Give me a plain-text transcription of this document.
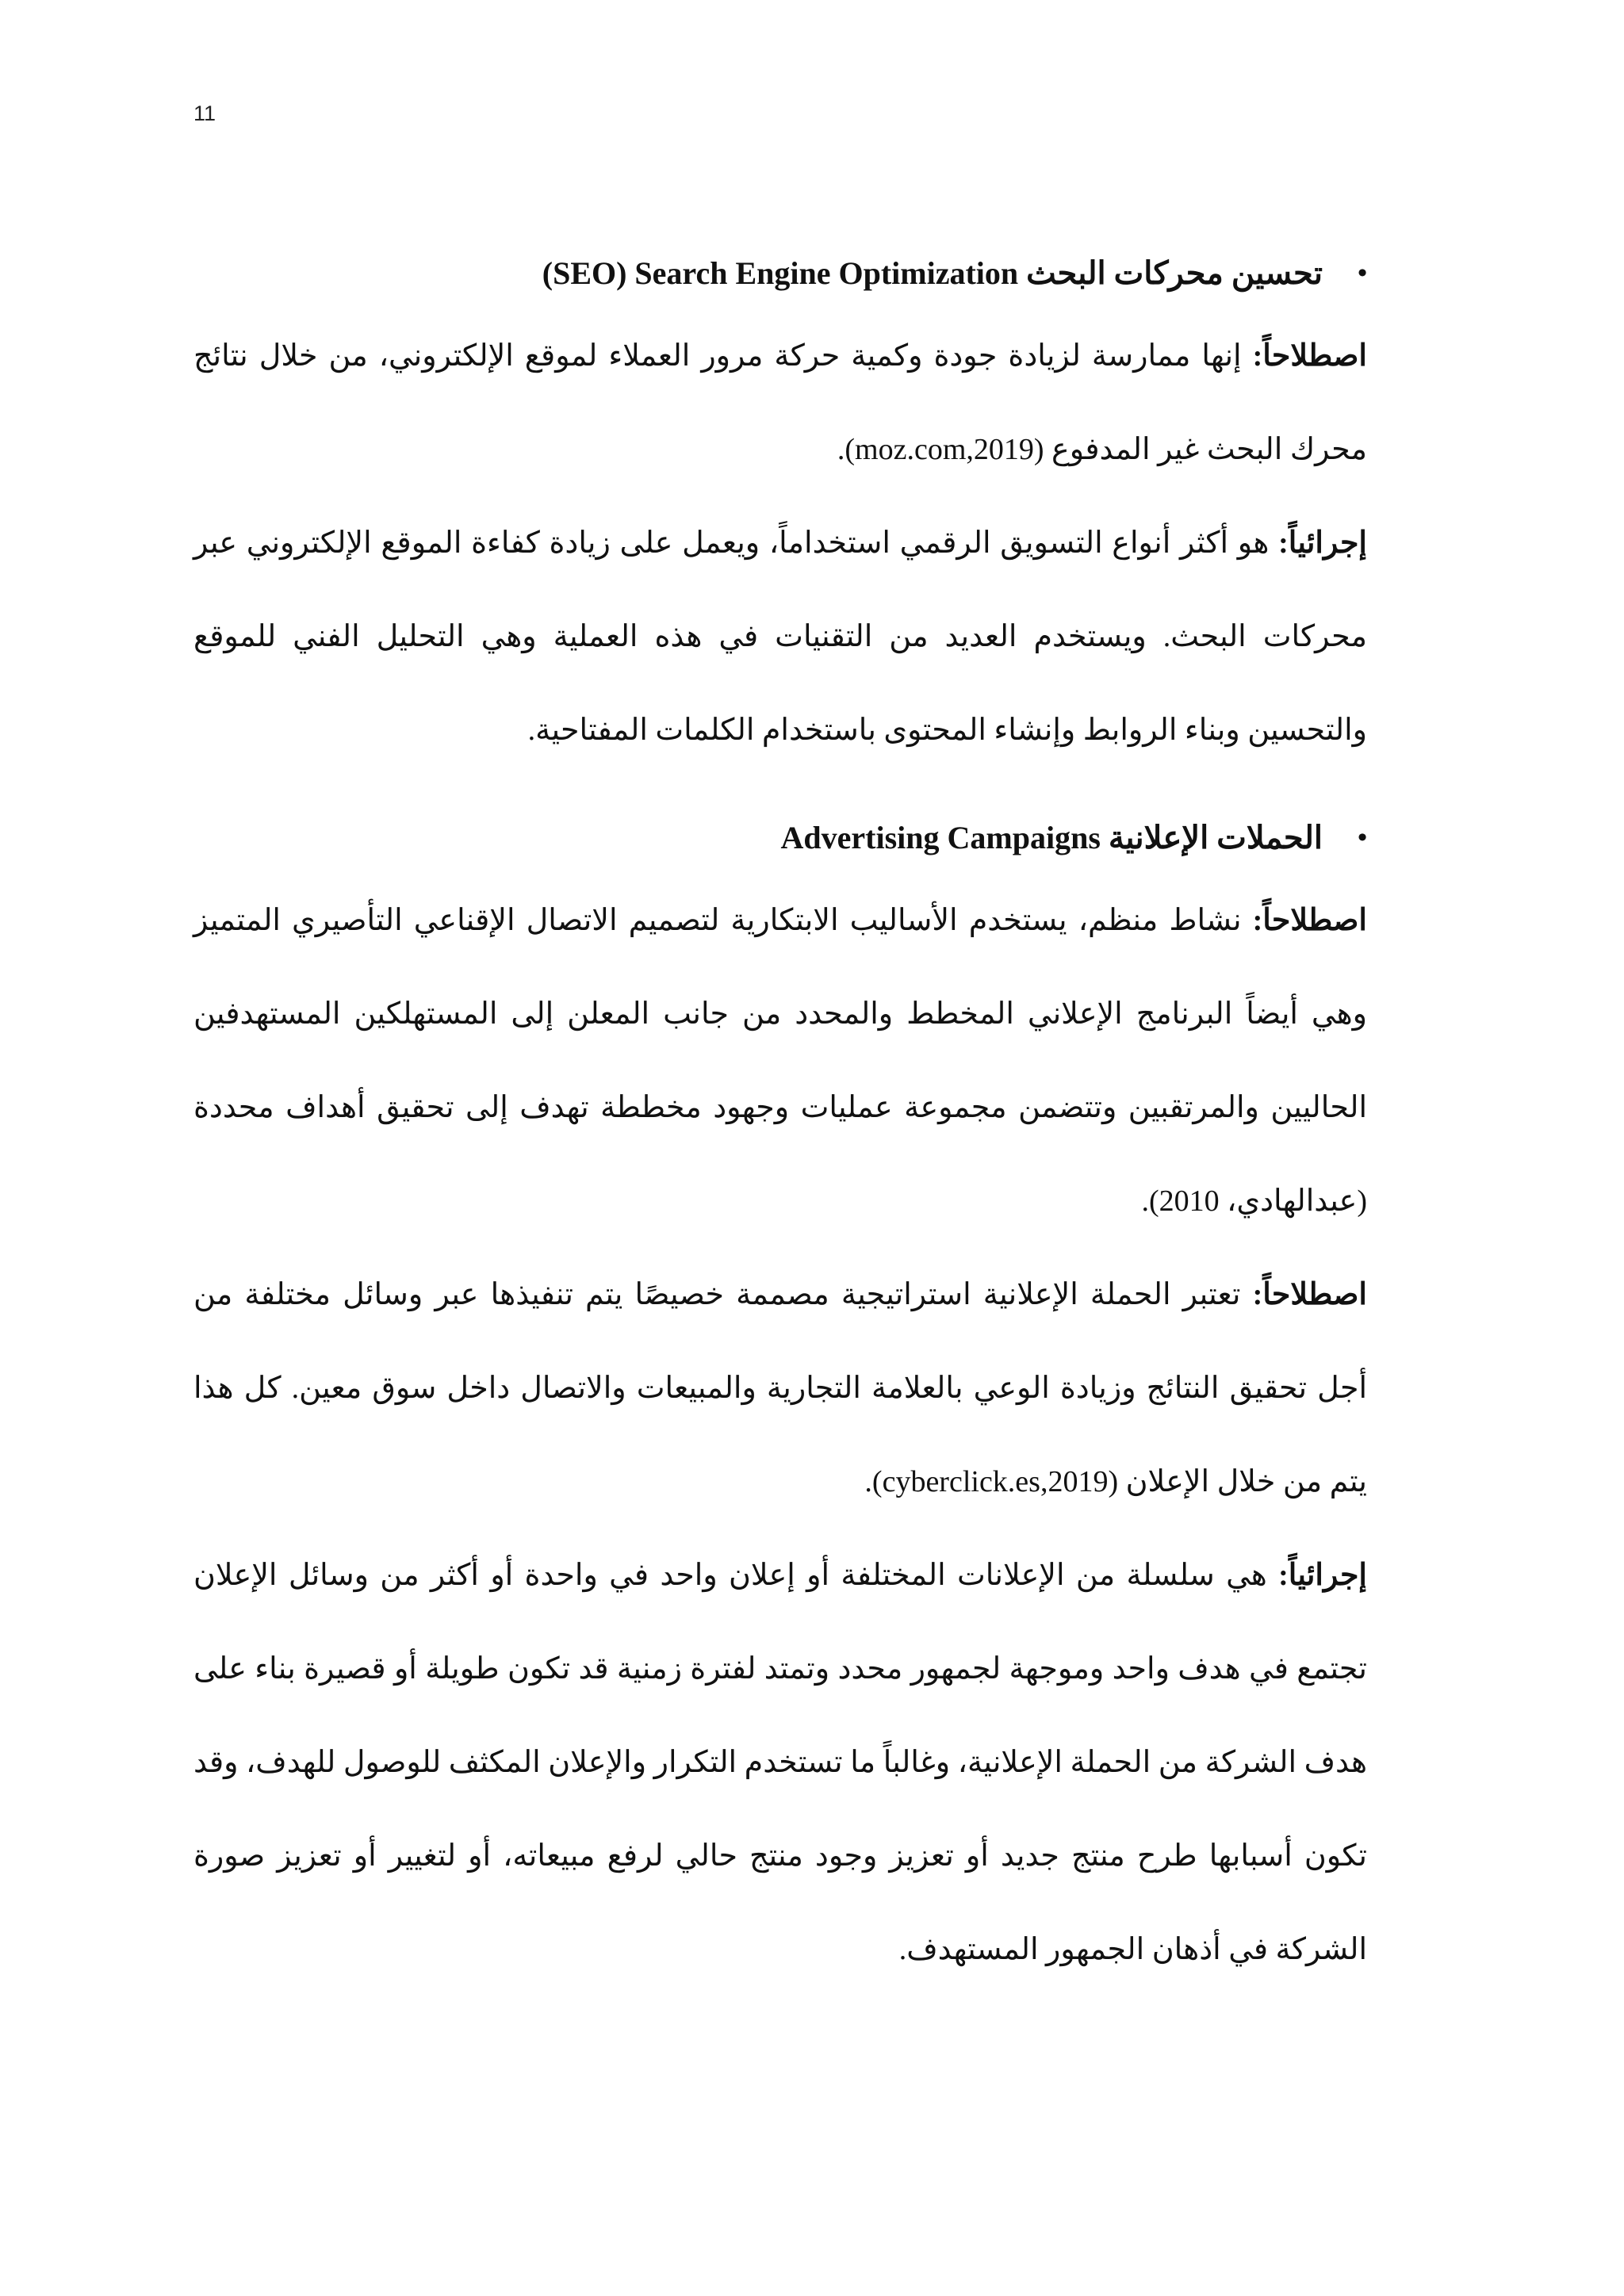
11
•
تحسين محركات البحث (SEO) Search Engine Optimization

اصطلاحاً: إنها ممارسة لزيادة جودة وكمية حركة مرور العملاء لموقع الإلكتروني، من خلال نتائج محرك البحث غير المدفوع (moz.com,2019).

إجرائياً: هو أكثر أنواع التسويق الرقمي استخداماً، ويعمل على زيادة كفاءة الموقع الإلكتروني عبر محركات البحث. ويستخدم العديد من التقنيات في هذه العملية وهي التحليل الفني للموقع والتحسين وبناء الروابط وإنشاء المحتوى باستخدام الكلمات المفتاحية.

•
الحملات الإعلانية Advertising Campaigns

اصطلاحاً: نشاط منظم، يستخدم الأساليب الابتكارية لتصميم الاتصال الإقناعي التأصيري المتميز وهي أيضاً البرنامج الإعلاني المخطط والمحدد من جانب المعلن إلى المستهلكين المستهدفين الحاليين والمرتقبين وتتضمن مجموعة عمليات وجهود مخططة تهدف إلى تحقيق أهداف محددة (عبدالهادي، 2010).

اصطلاحاً: تعتبر الحملة الإعلانية استراتيجية مصممة خصيصًا يتم تنفيذها عبر وسائل مختلفة من أجل تحقيق النتائج وزيادة الوعي بالعلامة التجارية والمبيعات والاتصال داخل سوق معين. كل هذا يتم من خلال الإعلان (cyberclick.es,2019).

إجرائياً: هي سلسلة من الإعلانات المختلفة أو إعلان واحد في واحدة أو أكثر من وسائل الإعلان تجتمع في هدف واحد وموجهة لجمهور محدد وتمتد لفترة زمنية قد تكون طويلة أو قصيرة بناء على هدف الشركة من الحملة الإعلانية، وغالباً ما تستخدم التكرار والإعلان المكثف للوصول للهدف، وقد تكون أسبابها طرح منتج جديد أو تعزيز وجود منتج حالي لرفع مبيعاته، أو لتغيير أو تعزيز صورة الشركة في أذهان الجمهور المستهدف.
